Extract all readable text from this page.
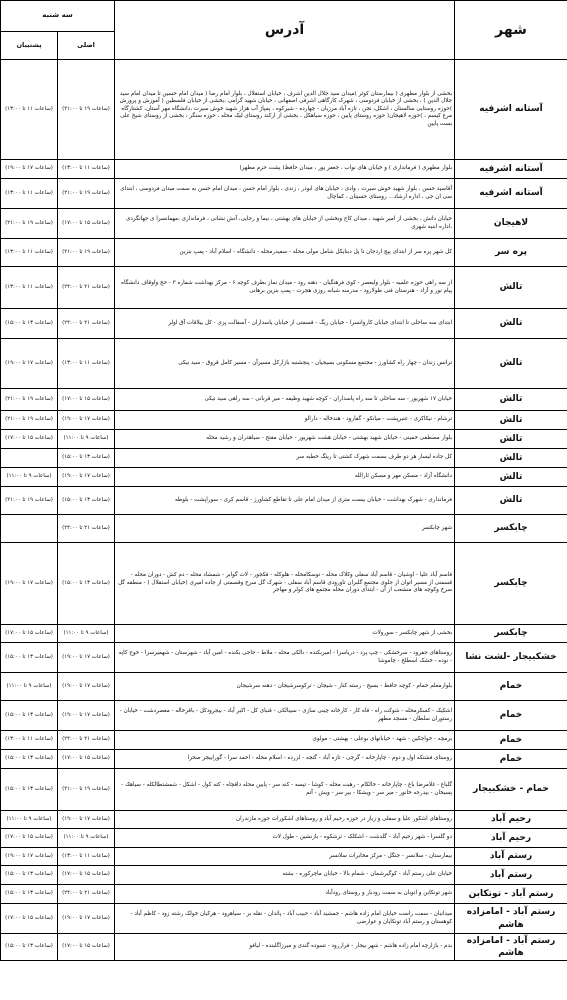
شهر	آدرس	سه شنبه	
		اصلی	پشتیبان
آستانه اشرفیه	بخشی از بلوار مطهری ( بیمارستان کوثر )میدان سید جلال الدین اشرف ، خیابان استقلال ، بلوار امام رضا ( میدان امام حسین تا میدان امام سید جلال الدین ) ، بخشی از خیابان فردوسی ، شهرک کارگاهی اشرفی اصفهانی ، خیابان شهید گرامی ،بخشی از خیابان فلسطین ( آموزش و پرورش )حوزه روستایی سالستان ، اشکل، نجن ، تازه آباد مرزیان - چهارده - شیرکوه ، پمپاژ آب هزار شهید خوش سیرت ،دانشگاه مهر آستان، کشتارگاه مرغ کیسم ، )حوزه لاهیجان( حوزه روستای پایین ، حوزه سیاهکل ، بخشی از ارکند روستای لیک محله ، حوزه سنگر ، بخشی از روستای شیخ علی بست پایین	(ساعات ۱۹ تا ۲۱:۰۰)	(ساعات ۱۱ تا ۱۳:۰۰)
آستانه اشرفیه	بلوار مطهری ( فرمانداری ) و خیابان های نواب ، جعفر پور ، میدان حافظ( پشت حرم مطهر)	(ساعات ۱۱ تا ۱۳:۰۰)	(ساعات ۱۷ تا ۱۹:۰۰)
آستانه اشرفیه	آقاسید حسن ، بلوار شهید خوش سیرت ، وادی ، خیابان های ابوذر ، زندی ، بلوار امام حسن ، میدان امام حسن به سمت میدان فردوسی ، ابتدای سی ان جی ، اداره ارشاد... روستای حسینان ، کماچال	(ساعات ۱۹ تا ۲۱:۰۰)	(ساعات ۱۱ تا ۱۳:۰۰)
لاهیجان	خیابان دانش ، بخشی از امیر شهید ، میدان کاج وبخشی از خیابان های بهشتی ، نیما و رجایی، آتش نشانی ، فرمانداری ،مهمانسرا ی جهانگردی ،اداره ابنیه شهری	(ساعات ۱۵ تا ۱۷:۰۰)	(ساعات ۱۹ تا ۲۱:۰۰)
پره سر	کل شهر پره سر از ابتدای پیچ اردجان تا پل دبنایکل شامل مولی محله - سفیدرمحله - دانشگاه - اسلام آباد - پمپ بنزین	(ساعات ۱۹ تا ۲۱:۰۰)	(ساعات ۱۱ تا ۱۳:۰۰)
تالش	از سه راهی حوزه علمیه - بلوار ولیعصر - کوی فرهنگیان - دهنه رود - میدان نماز بطرف کوچه ۶ - مرکز بهداشت شماره ۳ - حج واوقاف دانشگاه پیام نور و آزاد - هنرستان فنی طولارود - مدرسه شبانه روزی هجرت - پمپ بنزین برهانی	(ساعات ۲۱ تا ۲۴:۰۰)	(ساعات ۱۱ تا ۱۳:۰۰)
تالش	ابتدای سه ساحلی تا ابتدای خیابان کاروانسرا - خیابان ریگ - قسمتی از خیابان پاسداران - آسفالت پزی - کل ییلاقات آق اولر	(ساعات ۲۱ تا ۲۴:۰۰)	(ساعات ۱۳ تا ۱۵:۰۰)
تالش	ترانس زندان - چهار راه کشاورز - مجتمع مسکونی بسیجیان - پنجشنبه بازارکل مسیرآن - مسیر کامل قروق - سید نیکی	(ساعات ۱۱ تا ۱۳:۰۰)	(ساعات ۱۷ تا ۱۹:۰۰)
تالش	خیابان ۱۷ شهریور - سه ساحلی تا سه راه پاسداران - کوچه شهید وظیفه - میر قربانی - سه راهی سید نیکی	(ساعات ۱۵ تا ۱۷:۰۰)	(ساعات ۱۹ تا ۲۱:۰۰)
تالش	ترشام - نیکاکری - عنبرپشت - میانکو - گفارود - هندخاله - دارالو	(ساعات ۱۷ تا ۱۹:۰۰)	(ساعات ۱۹ تا ۲۱:۰۰)
تالش	بلوار مصطفی خمینی - خیابان شهید بهشتی - خیابان هشت شهریور - خیابان مفتح - سیاهدران و رشید محله	(ساعات ۹ تا ۱۱:۰۰)	(ساعات ۱۵ تا ۱۷:۰۰)
تالش	کل جاده لیسار هر دو طرف بسمت شهرک کشتی تا رینگ خطبه سر	(ساعات ۱۳ تا ۱۵:۰۰)	
تالش	دانشگاه آزاد - مسکن مهر و مسکن ثارالله	(ساعات ۱۷ تا ۱۹:۰۰)	(ساعات ۹ تا ۱۱:۰۰)
تالش	فرمانداری - شهرک بهداشت - خیابان بیست متری از میدان امام علی تا تقاطع کشاورز - قاسم کری - سوراپشت - بلوطه	(ساعات ۱۳ تا ۱۵:۰۰)	(ساعات ۱۹ تا ۲۱:۰۰)
چابکسر	شهر چابکسر	(ساعات ۲۱ تا ۲۴:۰۰)	
چابکسر	قاسم آباد علیا - اوشیان - قاسم آباد سفلی وکلاک محله - توسکامحله - هلوکله - فکجور - لات گوابر - شمشاد محله - دم کش - دوران محله - قسمتی از مسیر اتوان از جلوی مجتمع گلبران تاورودی قاسم آباد سفلی - شهرک گل سرخ وقسمتی از جاده امیری (خیابان استقلال ) - منطقه گل سرخ وکوچه های منشعب از آن - ابتدای دوران محله مجتمع های کولر و مهاجر	(ساعات ۱۳ تا ۱۵:۰۰)	(ساعات ۱۷ تا ۱۹:۰۰)
چابکسر	بخشی از شهر چابکسر - سورولات	(ساعات ۹ تا ۱۱:۰۰)	(ساعات ۱۵ تا ۱۷:۰۰)
خشکبیجار -لشت نشا	روستاهای جفرود - سرخشکی - چپ پرد - دریاسرا - امیربکنده - نالکی محله - ملاط - حاجی بکنده - امین آباد - شهرستان - شهمیرسرا - خوج کاپه - نوده - خشک اسطلخ - چاموشا	(ساعات ۱۷ تا ۱۹:۰۰)	(ساعات ۱۳ تا ۱۵:۰۰)
خمام	بلوارمعلم خمام - کوچه حافظ - بسیج - رسته کنار - شیجان - ترکوسرشیجان - دهنه سرشیجان	(ساعات ۱۷ تا ۱۹:۰۰)	(ساعات ۹ تا ۱۱:۰۰)
خمام	اشکیک - کسکرمحله - شوکت راه - قاه کار - کارخانه چینی سازی - سیبالکی - قنبای کل - اکبر آباد - بیجرودکل - باقرخاله - معصردشت - خیابان - رستوران سلطان - مسجد مطهر	(ساعات ۱۷ تا ۱۹:۰۰)	(ساعات ۱۳ تا ۱۵:۰۰)
خمام	برمچه - خواجکین - شهد - خیابانهای بوعلی - بهشتی - مولوی	(ساعات ۲۱ تا ۲۴:۰۰)	(ساعات ۱۱ تا ۱۳:۰۰)
خمام	روستای فشتکه اول و دوم - چاپارخانه - گرجی - تازه آباد - گنجه - لزرده - اسلام محله - احمد سرا - گوراییجر صحرا	(ساعات ۱۵ تا ۱۷:۰۰)	(ساعات ۱۳ تا ۱۵:۰۰)
خمام - خشکبیجار	گلباغ - غلامرضا باغ - چاپارخانه - خالکام - رهبت محله - کوشا - تیسه - کنه سر - پایین محله داقچاه - کته کول - اشکل - شمشتطالکله - سیاهک - پسیخان - بیدرجه خانور - میر سر - ویشکا - بیر سر - ویش - آتم	(ساعات ۱۹ تا ۲۱:۰۰)	(ساعات ۱۳ تا ۱۵:۰۰)
رحیم آباد	روستاهای اشکور علیا و سفلی و زیاز در حوزه رحیم آباد و روستاهای اشکورات حوزه مازندران	(ساعات ۱۷ تا ۱۹:۰۰)	(ساعات ۹ تا ۱۱:۰۰)
رحیم آباد	دو گلسرا - شهر رحیم آباد - گلدشت - اشکلک - ترشکوه - بازنشین - طول لات	(ساعات ۹ تا ۱۱:۰۰)	(ساعات ۱۵ تا ۱۷:۰۰)
رستم آباد	بیمارستان - سلانسر - جنگل - مرکز مخابرات سلانسر	(ساعات ۱۱ تا ۱۳:۰۰)	(ساعات ۱۷ تا ۱۹:۰۰)
رستم آباد	خیابان علی رستم آباد - کوگیرشمان - شمام بالا - خیابان ماچرکوره - بشته	(ساعات ۱۵ تا ۱۷:۰۰)	(ساعات ۱۳ تا ۱۵:۰۰)
رستم آباد - تونکابن	شهر تونکابن و اتوبان به سمت رودبار و روستای رودآباد	(ساعات ۲۱ تا ۲۴:۰۰)	(ساعات ۱۳ تا ۱۵:۰۰)
رستم آباد - امامزاده هاشم	میدانبان - سمت راست خیابان امام زاده هاشم - جمشید آباد - حبیب آباد - پائدان - نقله بر - سیاهرود - هرکیان خولک رشته زود - کاظم آباد - کوهستان و رستم آباد تونکاپان و عوارضی	(ساعات ۱۷ تا ۱۹:۰۰)	(ساعات ۱۵ تا ۱۷:۰۰)
رستم آباد - امامزاده هاشم	بدم - بازارچه امام زاده هاشم - شهر بیجار - فراررود - تسوده گندی و میرزاگلبنده - لیافو	(ساعات ۱۵ تا ۱۷:۰۰)	(ساعات ۱۳ تا ۱۵:۰۰)
